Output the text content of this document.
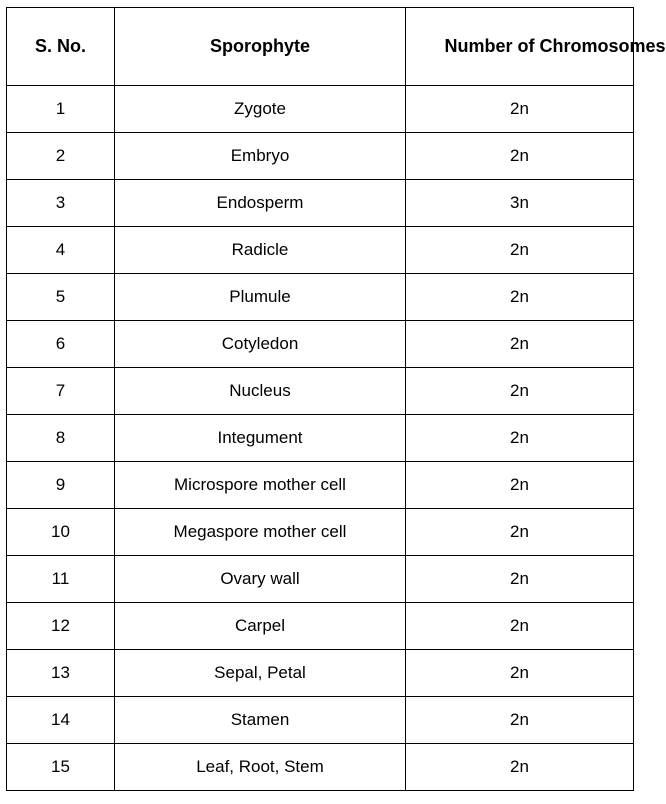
S. No.	Sporophyte	Number of Chromosomes

1	Zygote	2n
2	Embryo	2n
3	Endosperm	3n
4	Radicle	2n
5	Plumule	2n
6	Cotyledon	2n
7	Nucleus	2n
8	Integument	2n
9	Microspore mother cell	2n
10	Megaspore mother cell	2n
11	Ovary wall	2n
12	Carpel	2n
13	Sepal, Petal	2n
14	Stamen	2n
15	Leaf, Root, Stem	2n
